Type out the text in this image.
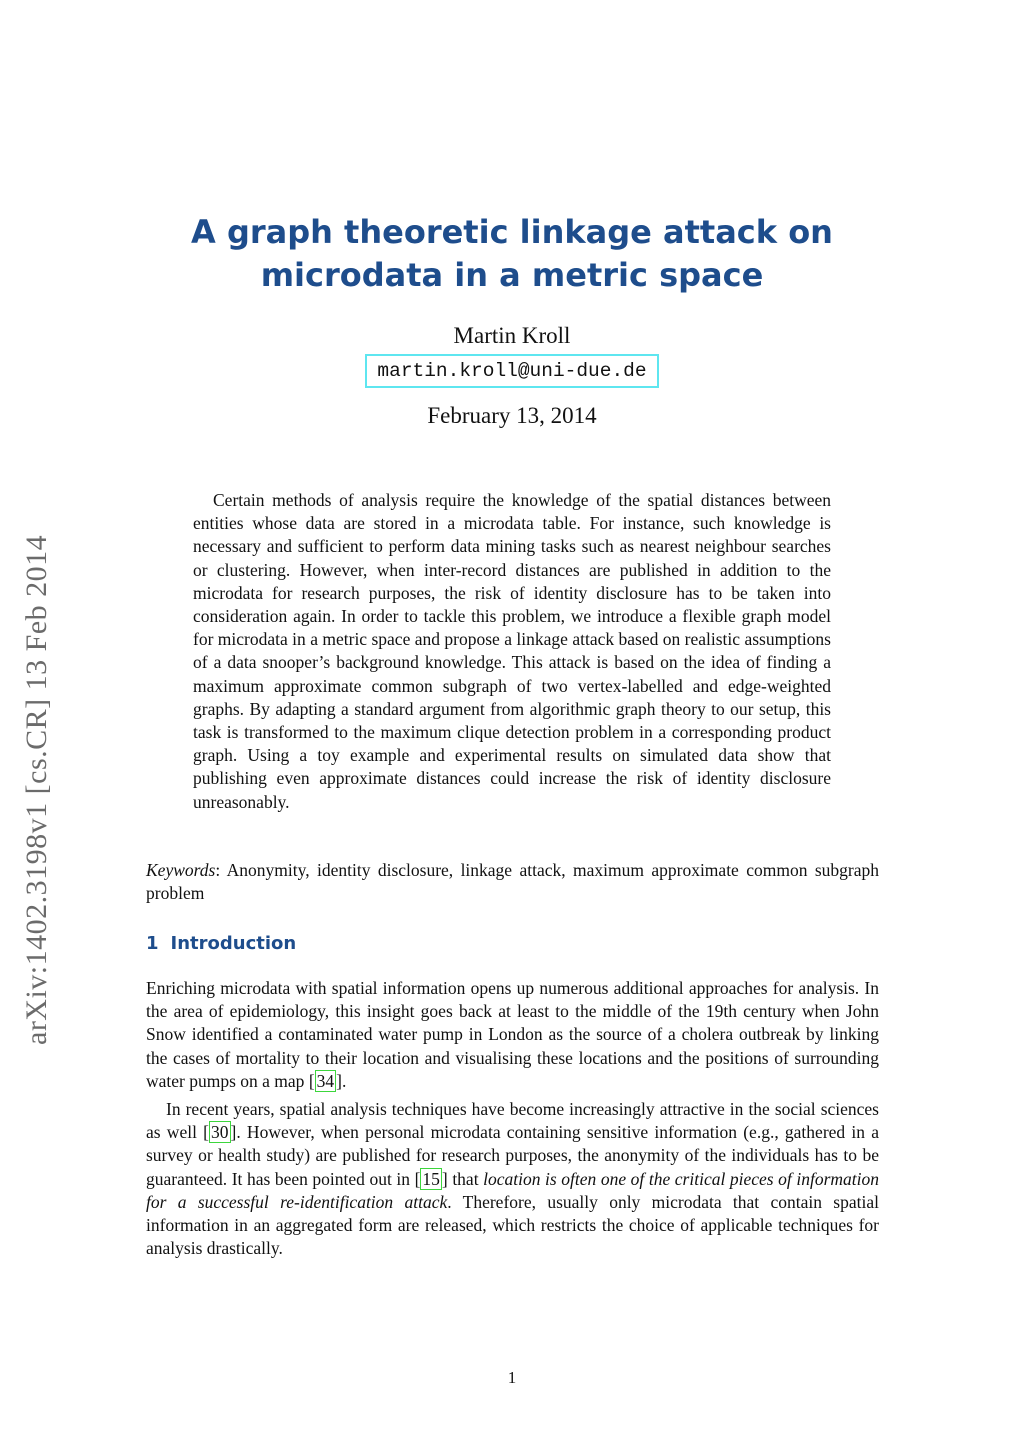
arXiv:1402.3198v1 [cs.CR] 13 Feb 2014
A graph theoretic linkage attack on
microdata in a metric space
Martin Kroll
martin.kroll@uni-due.de
February 13, 2014

Certain methods of analysis require the knowledge of the spatial distances between entities whose data are stored in a microdata table. For instance, such knowledge is necessary and sufficient to perform data mining tasks such as nearest neighbour searches or clustering. However, when inter-record distances are published in addition to the microdata for research purposes, the risk of identity disclosure has to be taken into consideration again. In order to tackle this problem, we introduce a flexible graph model for microdata in a metric space and propose a linkage attack based on realistic assumptions of a data snooper’s background knowledge. This attack is based on the idea of finding a maximum approximate common subgraph of two vertex-labelled and edge-weighted graphs. By adapting a standard argument from algorithmic graph theory to our setup, this task is transformed to the maximum clique detection problem in a corresponding product graph. Using a toy example and experimental results on simulated data show that publishing even approximate distances could increase the risk of identity disclosure unreasonably.

Keywords: Anonymity, identity disclosure, linkage attack, maximum approximate common subgraph problem

1 Introduction

Enriching microdata with spatial information opens up numerous additional approaches for analysis. In the area of epidemiology, this insight goes back at least to the middle of the 19th century when John Snow identified a contaminated water pump in London as the source of a cholera outbreak by linking the cases of mortality to their location and visualising these locations and the positions of surrounding water pumps on a map [ 34 ].

In recent years, spatial analysis techniques have become increasingly attractive in the social sciences as well [ 30 ]. However, when personal microdata containing sensitive information (e.g., gathered in a survey or health study) are published for research purposes, the anonymity of the individuals has to be guaranteed. It has been pointed out in [ 15 ] that location is often one of the critical pieces of information for a successful re-identification attack. Therefore, usually only microdata that contain spatial information in an aggregated form are released, which restricts the choice of applicable techniques for analysis drastically.

1
